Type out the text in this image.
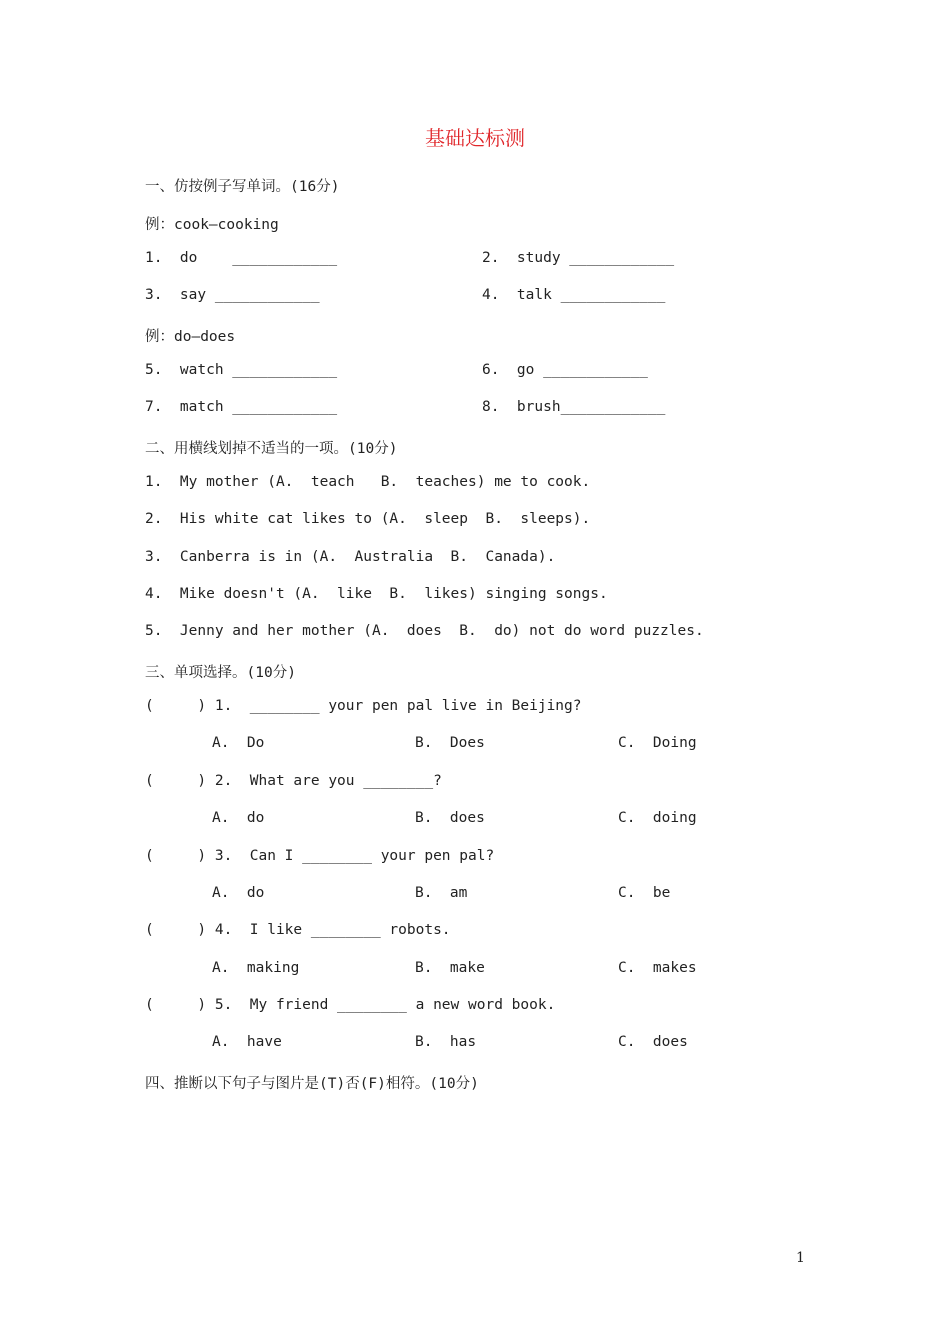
基础达标测
一、仿按例子写单词。(16分)
例：cook—cooking
1.  do    ____________	2.  study ____________
3.  say ____________	4.  talk ____________
例：do—does
5.  watch ____________	6.  go ____________
7.  match ____________	8.  brush____________
二、用横线划掉不适当的一项。(10分)
1.  My mother (A.  teach   B.  teaches) me to cook.
2.  His white cat likes to (A.  sleep  B.  sleeps).
3.  Canberra is in (A.  Australia  B.  Canada).
4.  Mike doesn't (A.  like  B.  likes) singing songs.
5.  Jenny and her mother (A.  does  B.  do) not do word puzzles.
三、单项选择。(10分)
(     ) 1.  ________ your pen pal live in Beijing?
A.  Do	B.  Does	C.  Doing
(     ) 2.  What are you ________?
A.  do	B.  does	C.  doing
(     ) 3.  Can I ________ your pen pal?
A.  do	B.  am	C.  be
(     ) 4.  I like ________ robots.
A.  making	B.  make	C.  makes
(     ) 5.  My friend ________ a new word book.
A.  have	B.  has	C.  does
四、推断以下句子与图片是(T)否(F)相符。(10分)
1
